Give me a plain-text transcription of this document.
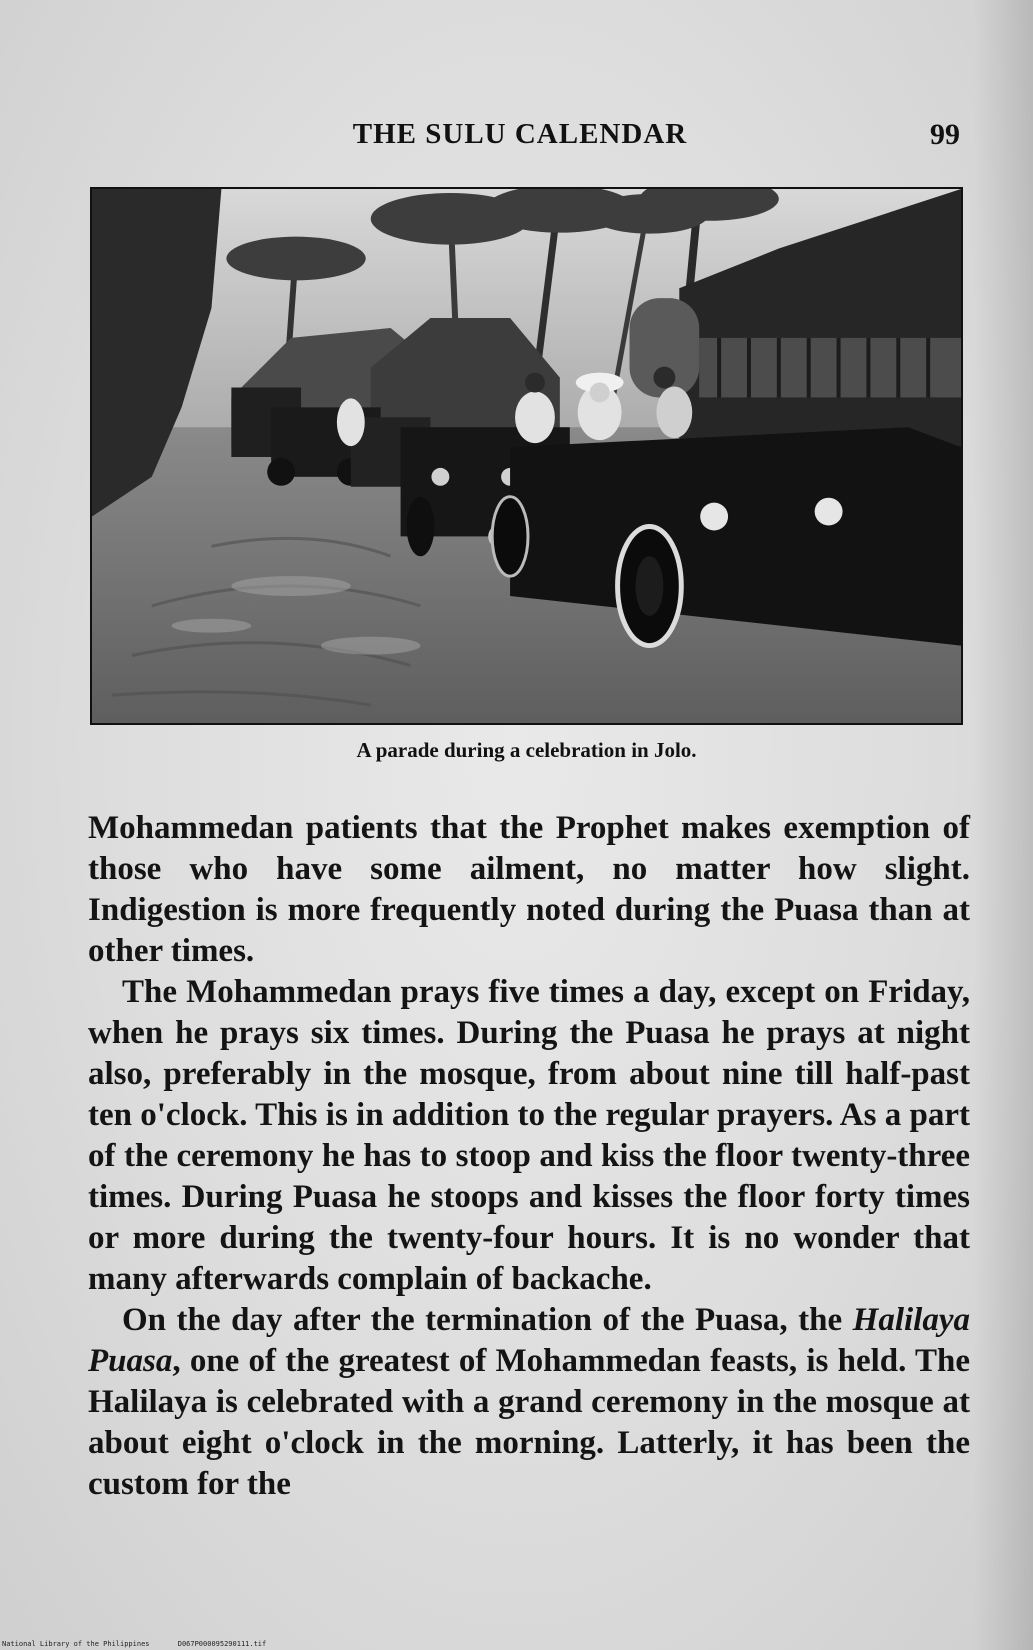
THE SULU CALENDAR	99
A parade during a celebration in Jolo.

Mohammedan patients that the Prophet makes exemption of those who have some ailment, no matter how slight. Indigestion is more frequently noted during the Puasa than at other times.

The Mohammedan prays five times a day, except on Friday, when he prays six times. During the Puasa he prays at night also, preferably in the mosque, from about nine till half-past ten o'clock. This is in addition to the regular prayers. As a part of the ceremony he has to stoop and kiss the floor twenty-three times. During Puasa he stoops and kisses the floor forty times or more during the twenty-four hours. It is no wonder that many afterwards complain of backache.

On the day after the termination of the Puasa, the Halilaya Puasa, one of the greatest of Mohammedan feasts, is held. The Halilaya is celebrated with a grand ceremony in the mosque at about eight o'clock in the morning. Latterly, it has been the custom for the

National Library of the Philippines	D067P000095290111.tif
